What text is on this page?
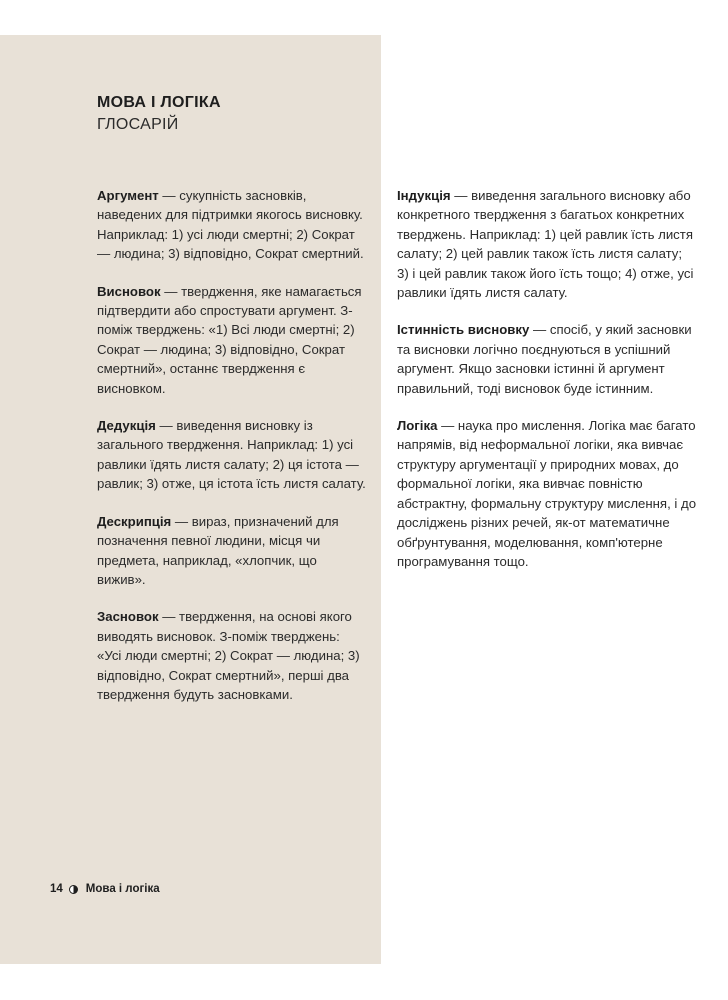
МОВА І ЛОГІКА
ГЛОСАРІЙ

Аргумент — сукупність засновків, наведених для підтримки якогось висновку. Наприклад: 1) усі люди смертні; 2) Сократ — людина; 3) відповідно, Сократ смертний.

Висновок — твердження, яке намагається підтвердити або спростувати аргумент. З-поміж тверджень: «1) Всі люди смертні; 2) Сократ — людина; 3) відповідно, Сократ смертний», останнє твердження є висновком.

Дедукція — виведення висновку із загального твердження. Наприклад: 1) усі равлики їдять листя салату; 2) ця істота — равлик; 3) отже, ця істота їсть листя салату.

Дескрипція — вираз, призначений для позначення певної людини, місця чи предмета, наприклад, «хлопчик, що вижив».

Засновок — твердження, на основі якого виводять висновок. З-поміж тверджень: «Усі люди смертні; 2) Сократ — людина; 3) відповідно, Сократ смертний», перші два твердження будуть засновками.

Індукція — виведення загального висновку або конкретного твердження з багатьох конкретних тверджень. Наприклад: 1) цей равлик їсть листя салату; 2) цей равлик також їсть листя салату; 3) і цей равлик також його їсть тощо; 4) отже, усі равлики їдять листя салату.

Істинність висновку — спосіб, у який засновки та висновки логічно поєднуються в успішний аргумент. Якщо засновки істинні й аргумент правильний, тоді висновок буде істинним.

Логіка — наука про мислення. Логіка має багато напрямів, від неформальної логіки, яка вивчає структуру аргументації у природних мовах, до формальної логіки, яка вивчає повністю абстрактну, формальну структуру мислення, і до досліджень різних речей, як-от математичне обґрунтування, моделювання, комп'ютерне програмування тощо.

14 Мова і логіка
